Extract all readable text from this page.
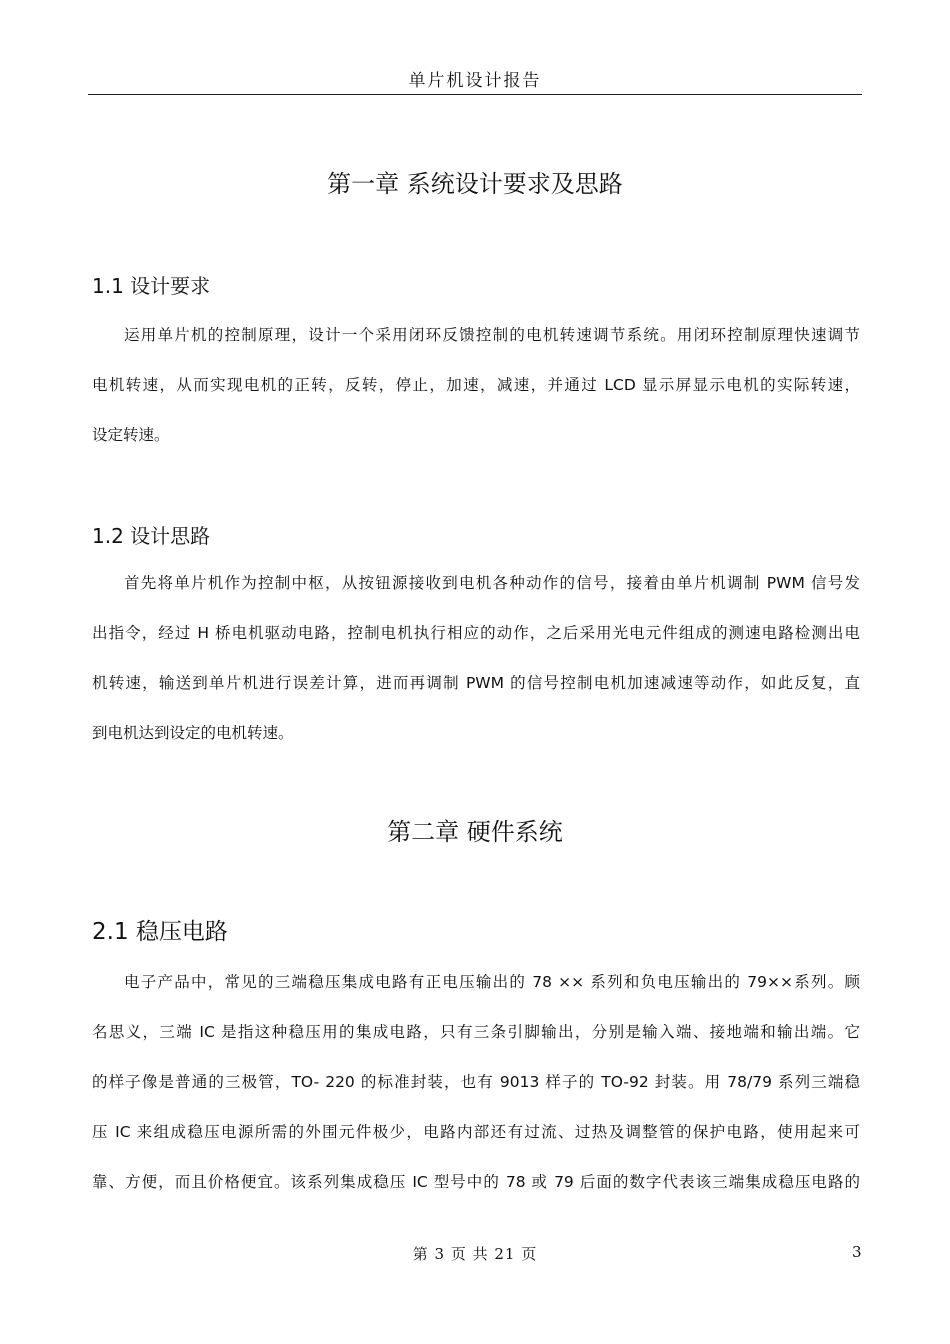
单片机设计报告
第一章 系统设计要求及思路
1.1 设计要求
运用单片机的控制原理，设计一个采用闭环反馈控制的电机转速调节系统。用闭环控制原理快速调节
电机转速，从而实现电机的正转，反转，停止，加速，减速，并通过 LCD 显示屏显示电机的实际转速，
设定转速。
1.2 设计思路
首先将单片机作为控制中枢，从按钮源接收到电机各种动作的信号，接着由单片机调制 PWM 信号发
出指令，经过 H 桥电机驱动电路，控制电机执行相应的动作，之后采用光电元件组成的测速电路检测出电
机转速，输送到单片机进行误差计算，进而再调制 PWM 的信号控制电机加速减速等动作，如此反复，直
到电机达到设定的电机转速。
第二章 硬件系统
2.1 稳压电路
电子产品中，常见的三端稳压集成电路有正电压输出的 78 ×× 系列和负电压输出的 79××系列。顾
名思义，三端 IC 是指这种稳压用的集成电路，只有三条引脚输出，分别是输入端、接地端和输出端。它
的样子像是普通的三极管，TO- 220 的标准封装，也有 9013 样子的 TO-92 封装。用 78/79 系列三端稳
压 IC 来组成稳压电源所需的外围元件极少，电路内部还有过流、过热及调整管的保护电路，使用起来可
靠、方便，而且价格便宜。该系列集成稳压 IC 型号中的 78 或 79 后面的数字代表该三端集成稳压电路的
第 3 页 共 21 页	3
